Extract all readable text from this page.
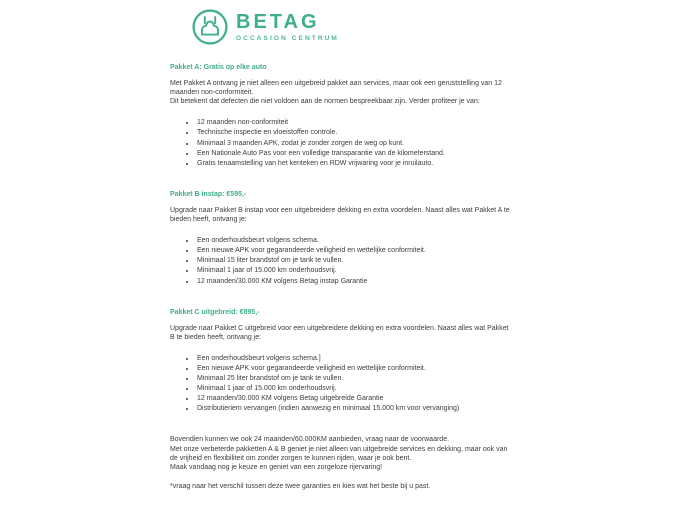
BETAG
OCCASION CENTRUM
Pakket A: Gratis op elke auto

Met Pakket A ontvang je niet alleen een uitgebreid pakket aan services, maar ook een geruststelling van 12 maanden non-conformiteit.

Dit betekent dat defecten die niet voldoen aan de normen bespreekbaar zijn. Verder profiteer je van:

• 12 maanden non-conformiteit
• Technische inspectie en vloeistoffen controle.
• Minimaal 3 maanden APK, zodat je zonder zorgen de weg op kunt.
• Een Nationale Auto Pas voor een volledige transparantie van de kilometerstand.
• Gratis tenaamstelling van het kenteken en RDW vrijwaring voor je inruilauto.
Pakket B instap: €595,-

Upgrade naar Pakket B instap voor een uitgebreidere dekking en extra voordelen. Naast alles wat Pakket A te bieden heeft, ontvang je:

• Een onderhoudsbeurt volgens schema.
• Een nieuwe APK voor gegarandeerde veiligheid en wettelijke conformiteit.
• Minimaal 15 liter brandstof om je tank te vullen.
• Minimaal 1 jaar of 15.000 km onderhoudsvrij.
• 12 maanden/30.000 KM volgens Betag instap Garantie
Pakket C uitgebreid: €895,-

Upgrade naar Pakket C uitgebreid voor een uitgebreidere dekking en extra voordelen. Naast alles wat Pakket B te bieden heeft, ontvang je:

• Een onderhoudsbeurt volgens schema.]
• Een nieuwe APK voor gegarandeerde veiligheid en wettelijke conformiteit.
• Minimaal 25 liter brandstof om je tank te vullen.
• Minimaal 1 jaar of 15.000 km onderhoudsvrij.
• 12 maanden/30.000 KM volgens Betag uitgebreide Garantie
• Distributieriem vervangen (indien aanwezig en minimaal 15.000 km voor vervanging)

Bovendien kunnen we ook 24 maanden/60.000KM aanbieden, vraag naar de voorwaarde.

Met onze verbeterde pakketten A & B geniet je niet alleen van uitgebreide services en dekking, maar ook van de vrijheid en flexibiliteit om zonder zorgen te kunnen rijden, waar je ook bent.

Maak vandaag nog je keuze en geniet van een zorgeloze rijervaring!

*vraag naar het verschil tussen deze twee garanties en kies wat het beste bij u past.
